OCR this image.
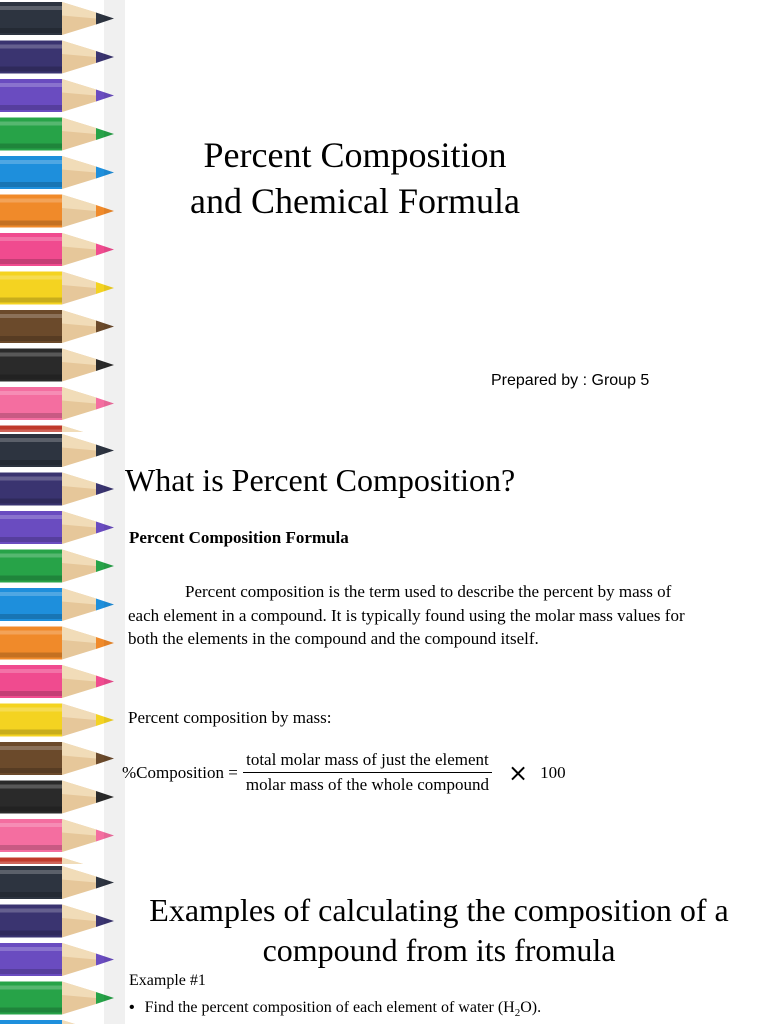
Percent Composition
and Chemical Formula
Prepared by : Group 5
What is Percent Composition?
Percent Composition Formula

Percent composition is the term used to describe the percent by mass of each element in a compound. It is typically found using the molar mass values for both the elements in the compound and the compound itself.

Percent composition by mass:
%Composition = $\frac{\text{total molar mass of just the element}}{\text{molar mass of the whole compound}} \times 100$
Examples of calculating the composition of a compound from its fromula
Example #1
• Find the percent composition of each element of water $(H_2O)$.
